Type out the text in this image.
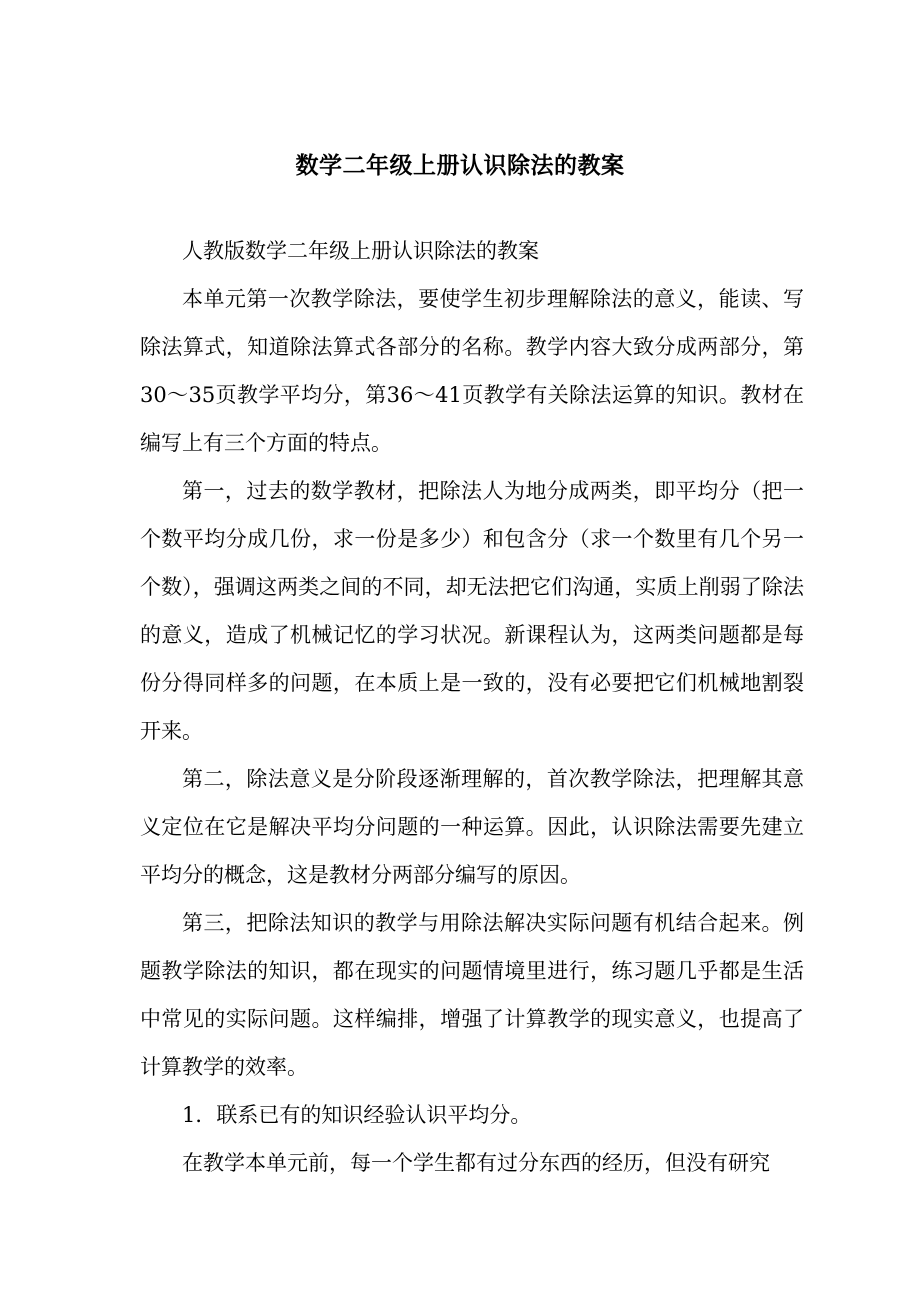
数学二年级上册认识除法的教案

人教版数学二年级上册认识除法的教案

本单元第一次教学除法，要使学生初步理解除法的意义，能读、写除法算式，知道除法算式各部分的名称。教学内容大致分成两部分，第30～35页教学平均分，第36～41页教学有关除法运算的知识。教材在编写上有三个方面的特点。

第一，过去的数学教材，把除法人为地分成两类，即平均分（把一个数平均分成几份，求一份是多少）和包含分（求一个数里有几个另一个数），强调这两类之间的不同，却无法把它们沟通，实质上削弱了除法的意义，造成了机械记忆的学习状况。新课程认为，这两类问题都是每份分得同样多的问题，在本质上是一致的，没有必要把它们机械地割裂开来。

第二，除法意义是分阶段逐渐理解的，首次教学除法，把理解其意义定位在它是解决平均分问题的一种运算。因此，认识除法需要先建立平均分的概念，这是教材分两部分编写的原因。

第三，把除法知识的教学与用除法解决实际问题有机结合起来。例题教学除法的知识，都在现实的问题情境里进行，练习题几乎都是生活中常见的实际问题。这样编排，增强了计算教学的现实意义，也提高了计算教学的效率。

1．联系已有的知识经验认识平均分。

在教学本单元前，每一个学生都有过分东西的经历，但没有研究
